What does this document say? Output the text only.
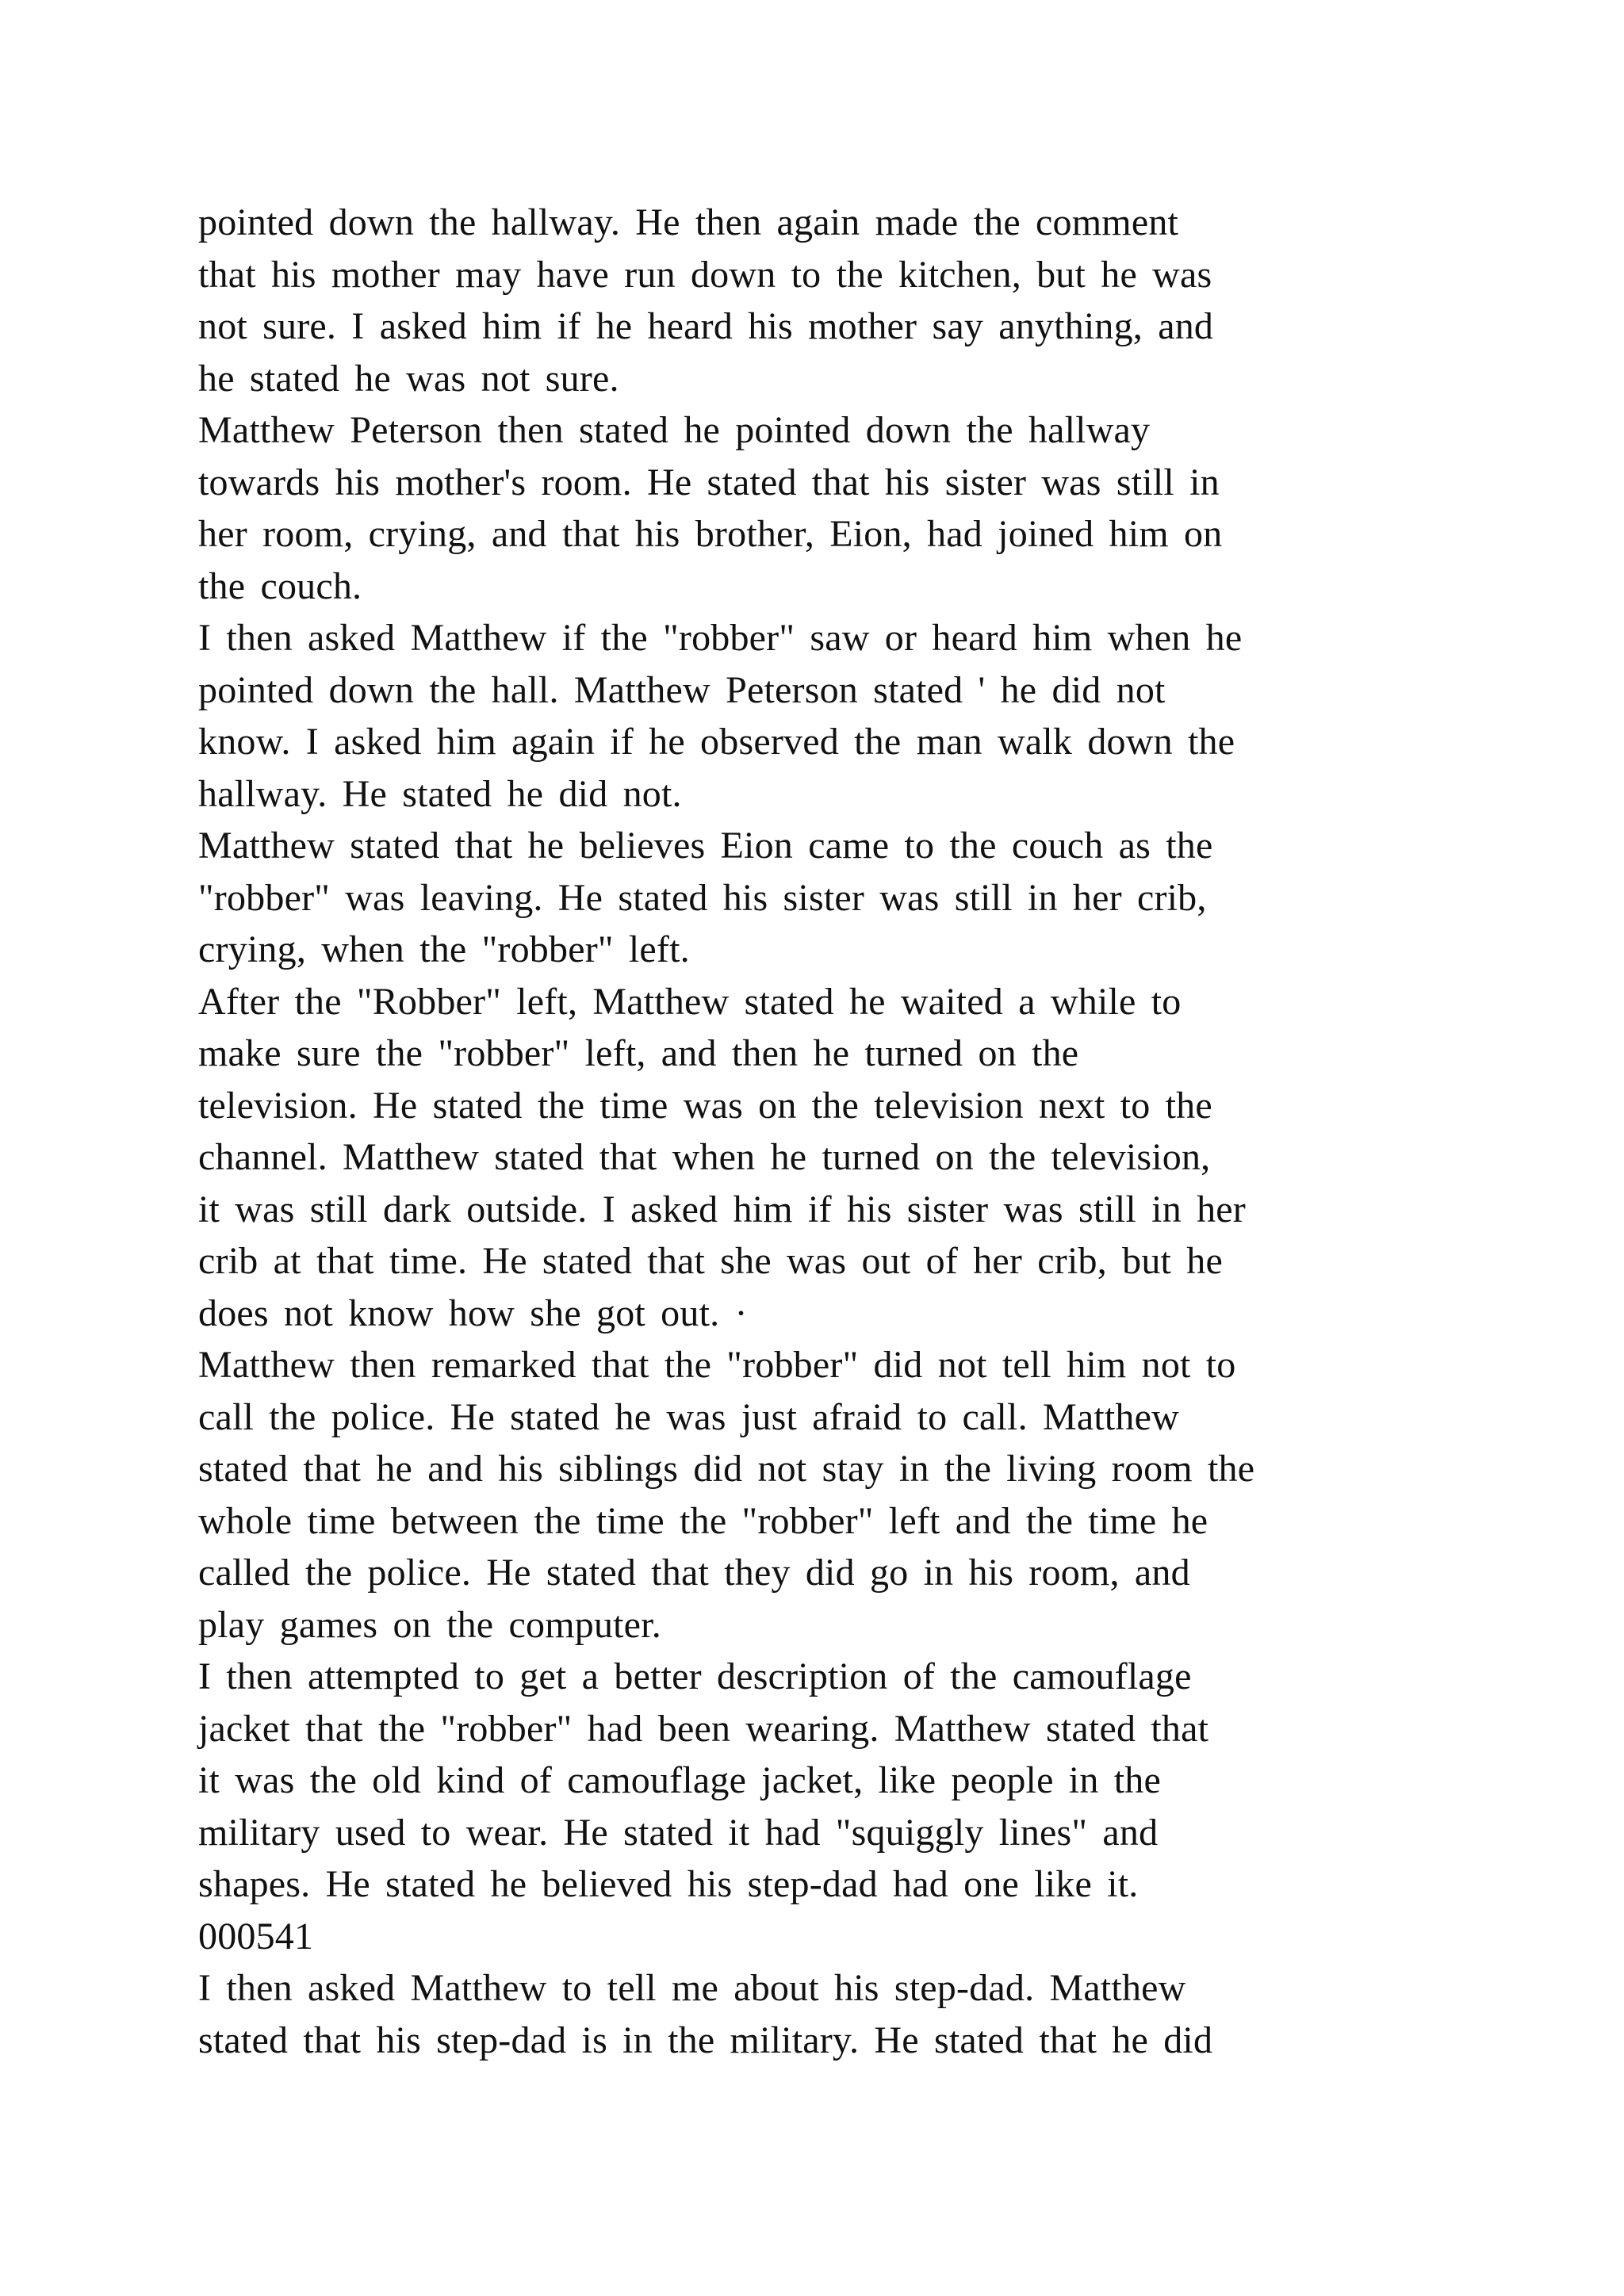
pointed down the hallway. He then again made the comment
that his mother may have run down to the kitchen, but he was
not sure. I asked him if he heard his mother say anything, and
he stated he was not sure.
Matthew Peterson then stated he pointed down the hallway
towards his mother's room. He stated that his sister was still in
her room, crying, and that his brother, Eion, had joined him on
the couch.
I then asked Matthew if the "robber" saw or heard him when he
pointed down the hall. Matthew Peterson stated ' he did not
know. I asked him again if he observed the man walk down the
hallway. He stated he did not.
Matthew stated that he believes Eion came to the couch as the
"robber" was leaving. He stated his sister was still in her crib,
crying, when the "robber" left.
After the "Robber" left, Matthew stated he waited a while to
make sure the "robber" left, and then he turned on the
television. He stated the time was on the television next to the
channel. Matthew stated that when he turned on the television,
it was still dark outside. I asked him if his sister was still in her
crib at that time. He stated that she was out of her crib, but he
does not know how she got out. ·
Matthew then remarked that the "robber" did not tell him not to
call the police. He stated he was just afraid to call. Matthew
stated that he and his siblings did not stay in the living room the
whole time between the time the "robber" left and the time he
called the police. He stated that they did go in his room, and
play games on the computer.
I then attempted to get a better description of the camouflage
jacket that the "robber" had been wearing. Matthew stated that
it was the old kind of camouflage jacket, like people in the
military used to wear. He stated it had "squiggly lines" and
shapes. He stated he believed his step-dad had one like it.
000541
I then asked Matthew to tell me about his step-dad. Matthew
stated that his step-dad is in the military. He stated that he did
